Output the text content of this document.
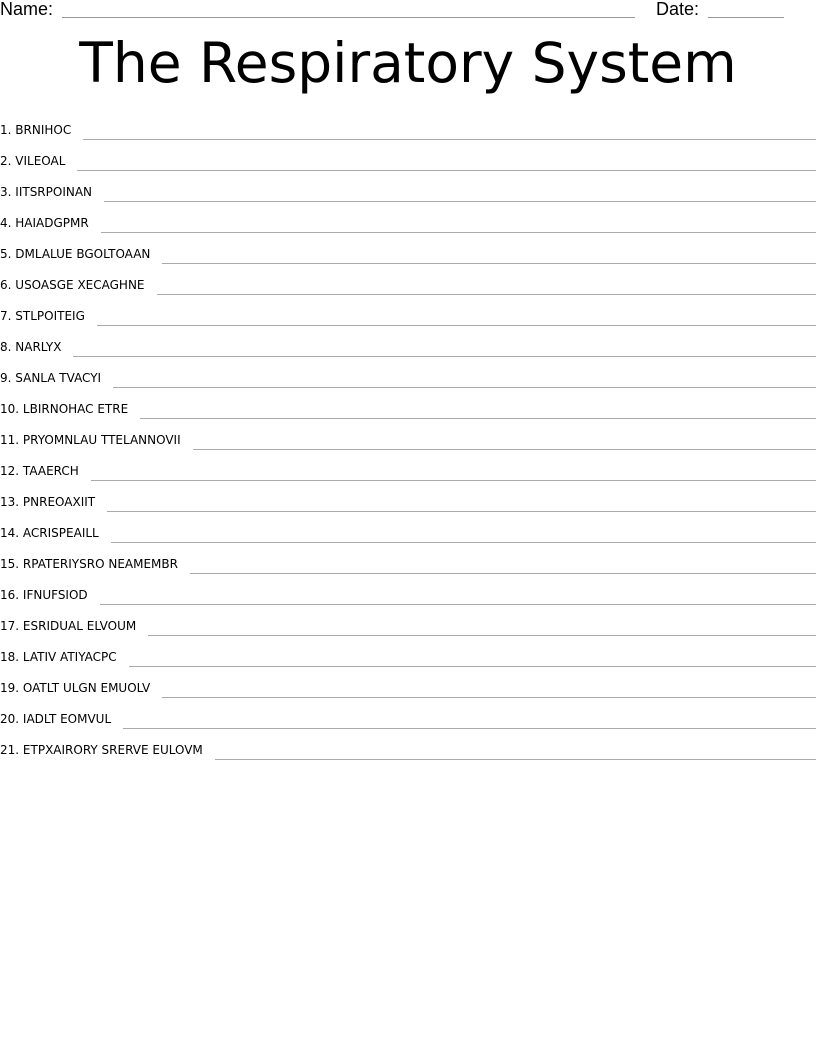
Name:	Date:
The Respiratory System
1. BRNIHOC
2. VILEOAL
3. IITSRPOINAN
4. HAIADGPMR
5. DMLALUE BGOLTOAAN
6. USOASGE XECAGHNE
7. STLPOITEIG
8. NARLYX
9. SANLA TVACYI
10. LBIRNOHAC ETRE
11. PRYOMNLAU TTELANNOVII
12. TAAERCH
13. PNREOAXIIT
14. ACRISPEAILL
15. RPATERIYSRO NEAMEMBR
16. IFNUFSIOD
17. ESRIDUAL ELVOUM
18. LATIV ATIYACPC
19. OATLT ULGN EMUOLV
20. IADLT EOMVUL
21. ETPXAIRORY SRERVE EULOVM
